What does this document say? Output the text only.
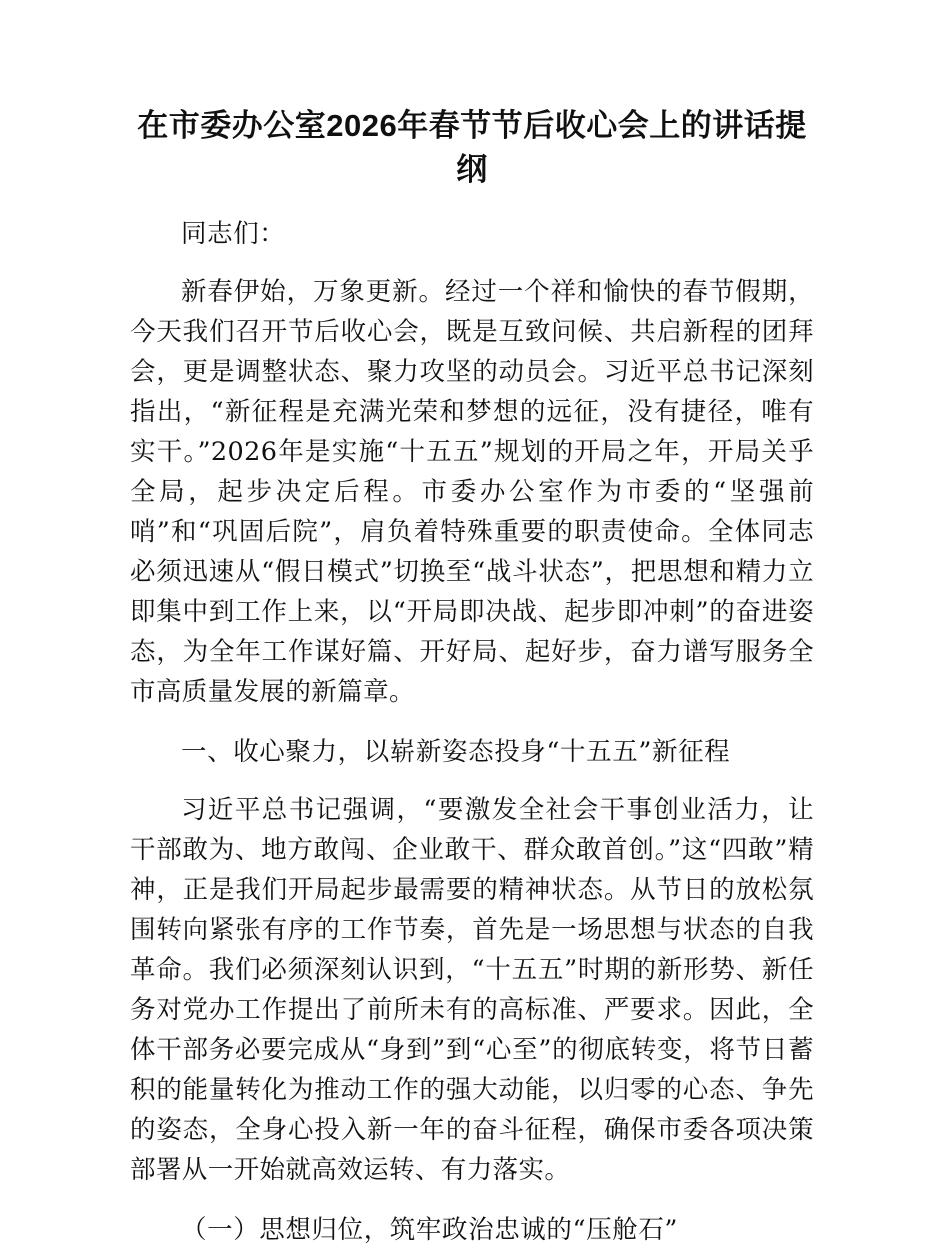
在市委办公室2026年春节节后收心会上的讲话提纲

同志们：

新春伊始，万象更新。经过一个祥和愉快的春节假期，今天我们召开节后收心会，既是互致问候、共启新程的团拜会，更是调整状态、聚力攻坚的动员会。习近平总书记深刻指出，“新征程是充满光荣和梦想的远征，没有捷径，唯有实干。”2026年是实施“十五五”规划的开局之年，开局关乎全局，起步决定后程。市委办公室作为市委的“坚强前哨”和“巩固后院”，肩负着特殊重要的职责使命。全体同志必须迅速从“假日模式”切换至“战斗状态”，把思想和精力立即集中到工作上来，以“开局即决战、起步即冲刺”的奋进姿态，为全年工作谋好篇、开好局、起好步，奋力谱写服务全市高质量发展的新篇章。

一、收心聚力，以崭新姿态投身“十五五”新征程

习近平总书记强调，“要激发全社会干事创业活力，让干部敢为、地方敢闯、企业敢干、群众敢首创。”这“四敢”精神，正是我们开局起步最需要的精神状态。从节日的放松氛围转向紧张有序的工作节奏，首先是一场思想与状态的自我革命。我们必须深刻认识到，“十五五”时期的新形势、新任务对党办工作提出了前所未有的高标准、严要求。因此，全体干部务必要完成从“身到”到“心至”的彻底转变，将节日蓄积的能量转化为推动工作的强大动能，以归零的心态、争先的姿态，全身心投入新一年的奋斗征程，确保市委各项决策部署从一开始就高效运转、有力落实。

（一）思想归位，筑牢政治忠诚的“压舱石”
